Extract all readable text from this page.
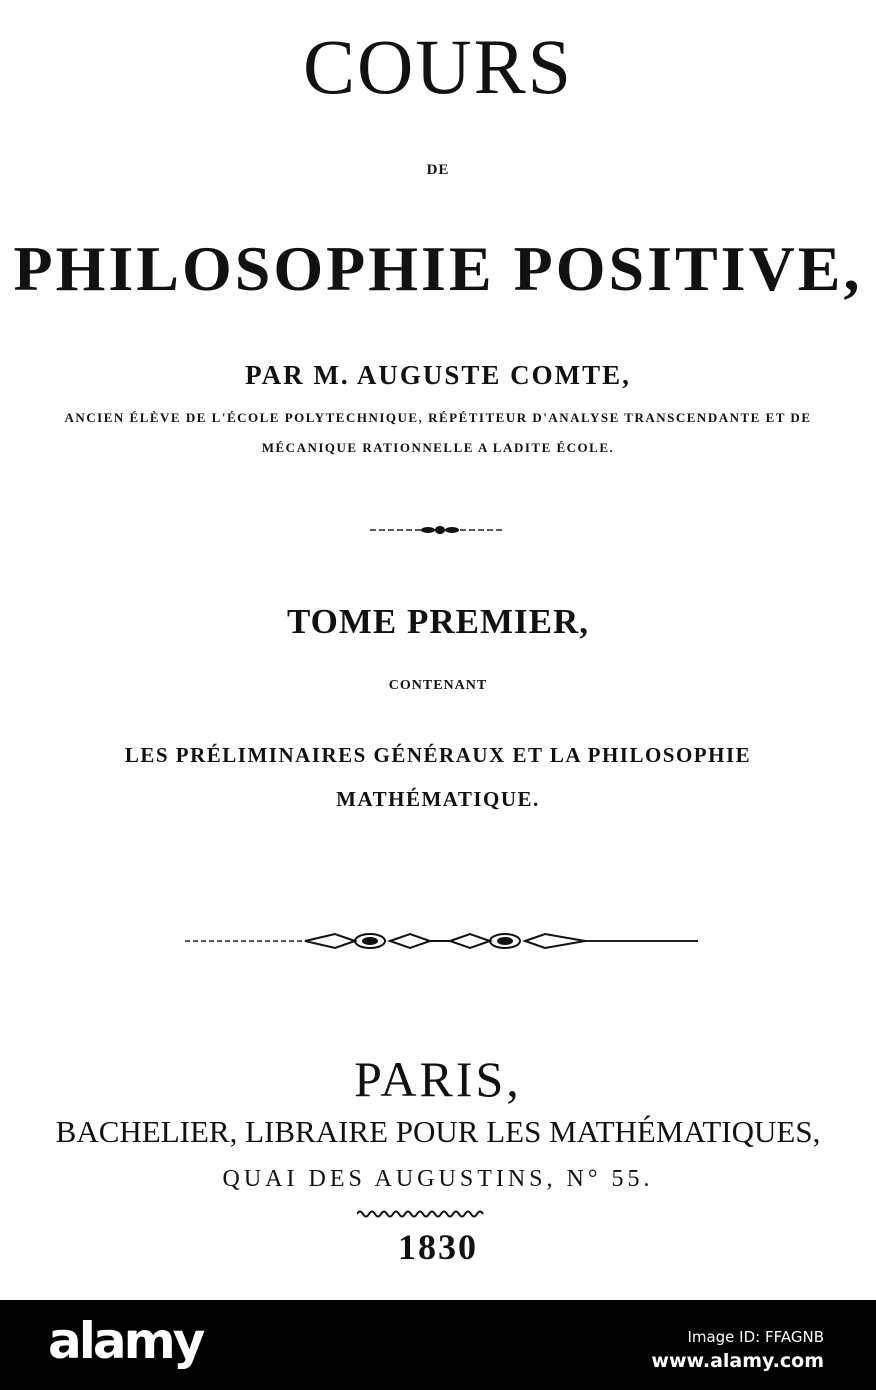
COURS
DE
PHILOSOPHIE POSITIVE,
PAR M. AUGUSTE COMTE,
ANCIEN ÉLÈVE DE L'ÉCOLE POLYTECHNIQUE, RÉPÉTITEUR D'ANALYSE TRANSCENDANTE ET DE
MÉCANIQUE RATIONNELLE A LADITE ÉCOLE.
TOME PREMIER,
CONTENANT
LES PRÉLIMINAIRES GÉNÉRAUX ET LA PHILOSOPHIE
MATHÉMATIQUE.
PARIS,
BACHELIER, LIBRAIRE POUR LES MATHÉMATIQUES,
QUAI DES AUGUSTINS, N° 55.
1830
alamy	Image ID: FFAGNB
www.alamy.com
